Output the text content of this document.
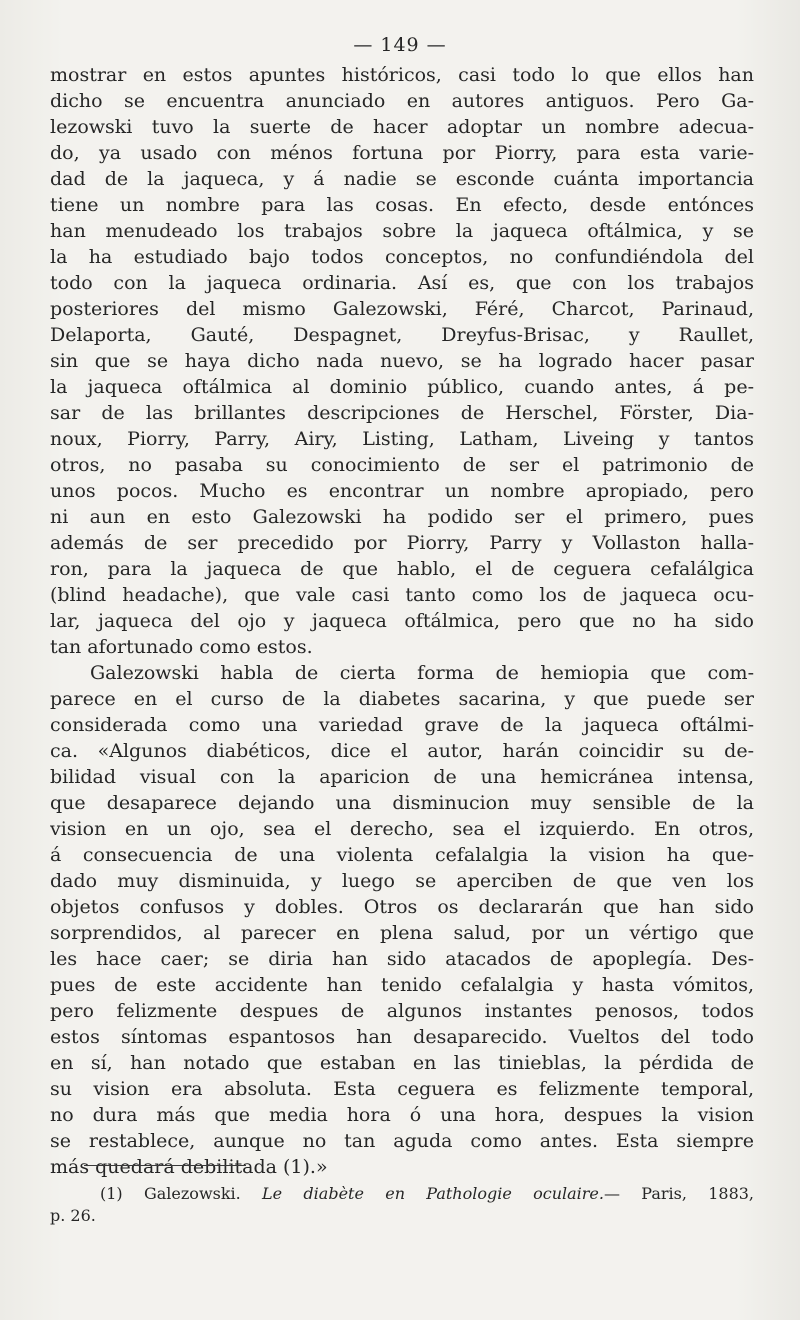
— 149 —
mostrar en estos apuntes históricos, casi todo lo que ellos han
dicho se encuentra anunciado en autores antiguos. Pero Ga-
lezowski tuvo la suerte de hacer adoptar un nombre adecua-
do, ya usado con ménos fortuna por Piorry, para esta varie-
dad de la jaqueca, y á nadie se esconde cuánta importancia
tiene un nombre para las cosas. En efecto, desde entónces
han menudeado los trabajos sobre la jaqueca oftálmica, y se
la ha estudiado bajo todos conceptos, no confundiéndola del
todo con la jaqueca ordinaria. Así es, que con los trabajos
posteriores del mismo Galezowski, Féré, Charcot, Parinaud,
Delaporta, Gauté, Despagnet, Dreyfus-Brisac, y Raullet,
sin que se haya dicho nada nuevo, se ha logrado hacer pasar
la jaqueca oftálmica al dominio público, cuando antes, á pe-
sar de las brillantes descripciones de Herschel, Förster, Dia-
noux, Piorry, Parry, Airy, Listing, Latham, Liveing y tantos
otros, no pasaba su conocimiento de ser el patrimonio de
unos pocos. Mucho es encontrar un nombre apropiado, pero
ni aun en esto Galezowski ha podido ser el primero, pues
además de ser precedido por Piorry, Parry y Vollaston halla-
ron, para la jaqueca de que hablo, el de ceguera cefalálgica
(blind headache), que vale casi tanto como los de jaqueca ocu-
lar, jaqueca del ojo y jaqueca oftálmica, pero que no ha sido
tan afortunado como estos.
Galezowski habla de cierta forma de hemiopia que com-
parece en el curso de la diabetes sacarina, y que puede ser
considerada como una variedad grave de la jaqueca oftálmi-
ca. «Algunos diabéticos, dice el autor, harán coincidir su de-
bilidad visual con la aparicion de una hemicránea intensa,
que desaparece dejando una disminucion muy sensible de la
vision en un ojo, sea el derecho, sea el izquierdo. En otros,
á consecuencia de una violenta cefalalgia la vision ha que-
dado muy disminuida, y luego se aperciben de que ven los
objetos confusos y dobles. Otros os declararán que han sido
sorprendidos, al parecer en plena salud, por un vértigo que
les hace caer; se diria han sido atacados de apoplegía. Des-
pues de este accidente han tenido cefalalgia y hasta vómitos,
pero felizmente despues de algunos instantes penosos, todos
estos síntomas espantosos han desaparecido. Vueltos del todo
en sí, han notado que estaban en las tinieblas, la pérdida de
su vision era absoluta. Esta ceguera es felizmente temporal,
no dura más que media hora ó una hora, despues la vision
se restablece, aunque no tan aguda como antes. Esta siempre
más quedará debilitada (1).»
(1) Galezowski. Le diabète en Pathologie oculaire.— Paris, 1883,
p. 26.
